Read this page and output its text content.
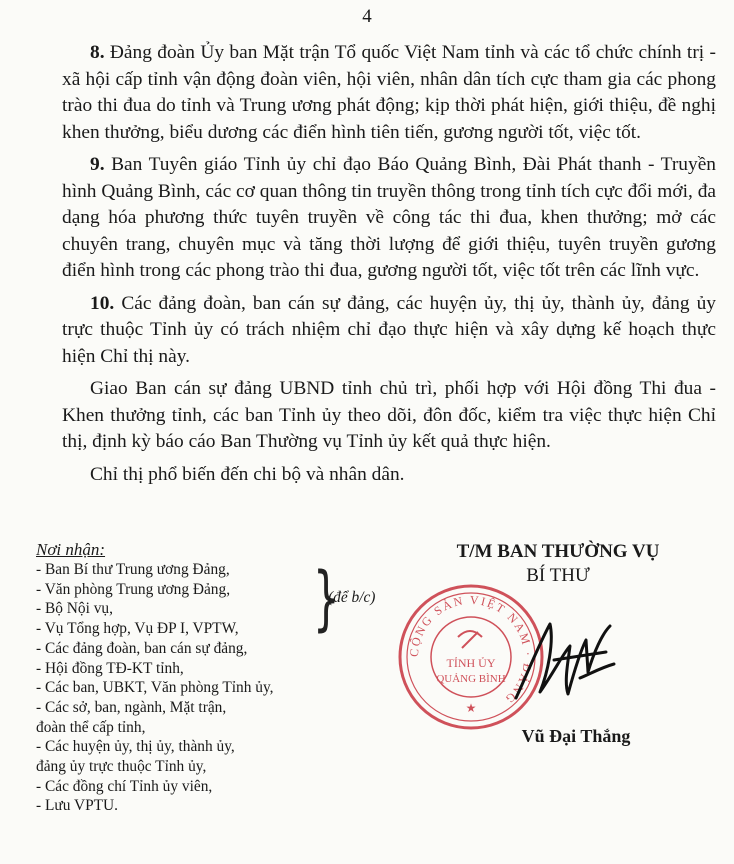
4

8. Đảng đoàn Ủy ban Mặt trận Tổ quốc Việt Nam tỉnh và các tổ chức chính trị - xã hội cấp tỉnh vận động đoàn viên, hội viên, nhân dân tích cực tham gia các phong trào thi đua do tỉnh và Trung ương phát động; kịp thời phát hiện, giới thiệu, đề nghị khen thưởng, biểu dương các điển hình tiên tiến, gương người tốt, việc tốt.

9. Ban Tuyên giáo Tỉnh ủy chỉ đạo Báo Quảng Bình, Đài Phát thanh - Truyền hình Quảng Bình, các cơ quan thông tin truyền thông trong tỉnh tích cực đổi mới, đa dạng hóa phương thức tuyên truyền về công tác thi đua, khen thưởng; mở các chuyên trang, chuyên mục và tăng thời lượng để giới thiệu, tuyên truyền gương điển hình trong các phong trào thi đua, gương người tốt, việc tốt trên các lĩnh vực.

10. Các đảng đoàn, ban cán sự đảng, các huyện ủy, thị ủy, thành ủy, đảng ủy trực thuộc Tỉnh ủy có trách nhiệm chỉ đạo thực hiện và xây dựng kế hoạch thực hiện Chỉ thị này.

Giao Ban cán sự đảng UBND tỉnh chủ trì, phối hợp với Hội đồng Thi đua - Khen thưởng tỉnh, các ban Tỉnh ủy theo dõi, đôn đốc, kiểm tra việc thực hiện Chỉ thị, định kỳ báo cáo Ban Thường vụ Tỉnh ủy kết quả thực hiện.

Chỉ thị phổ biến đến chi bộ và nhân dân.

Nơi nhận:
- Ban Bí thư Trung ương Đảng,
- Văn phòng Trung ương Đảng,
- Bộ Nội vụ,
- Vụ Tổng hợp, Vụ ĐP I, VPTW,	}
(để b/c)
- Các đảng đoàn, ban cán sự đảng,
- Hội đồng TĐ-KT tỉnh,
- Các ban, UBKT, Văn phòng Tỉnh ủy,
- Các sở, ban, ngành, Mặt trận,
đoàn thể cấp tỉnh,
- Các huyện ủy, thị ủy, thành ủy,
đảng ủy trực thuộc Tỉnh ủy,
- Các đồng chí Tỉnh ủy viên,
- Lưu VPTU.
T/M BAN THƯỜNG VỤ
BÍ THƯ
CỘNG SẢN VIỆT NAM · ĐẢNG
TỈNH ỦY
QUẢNG BÌNH
★
Vũ Đại Thắng
